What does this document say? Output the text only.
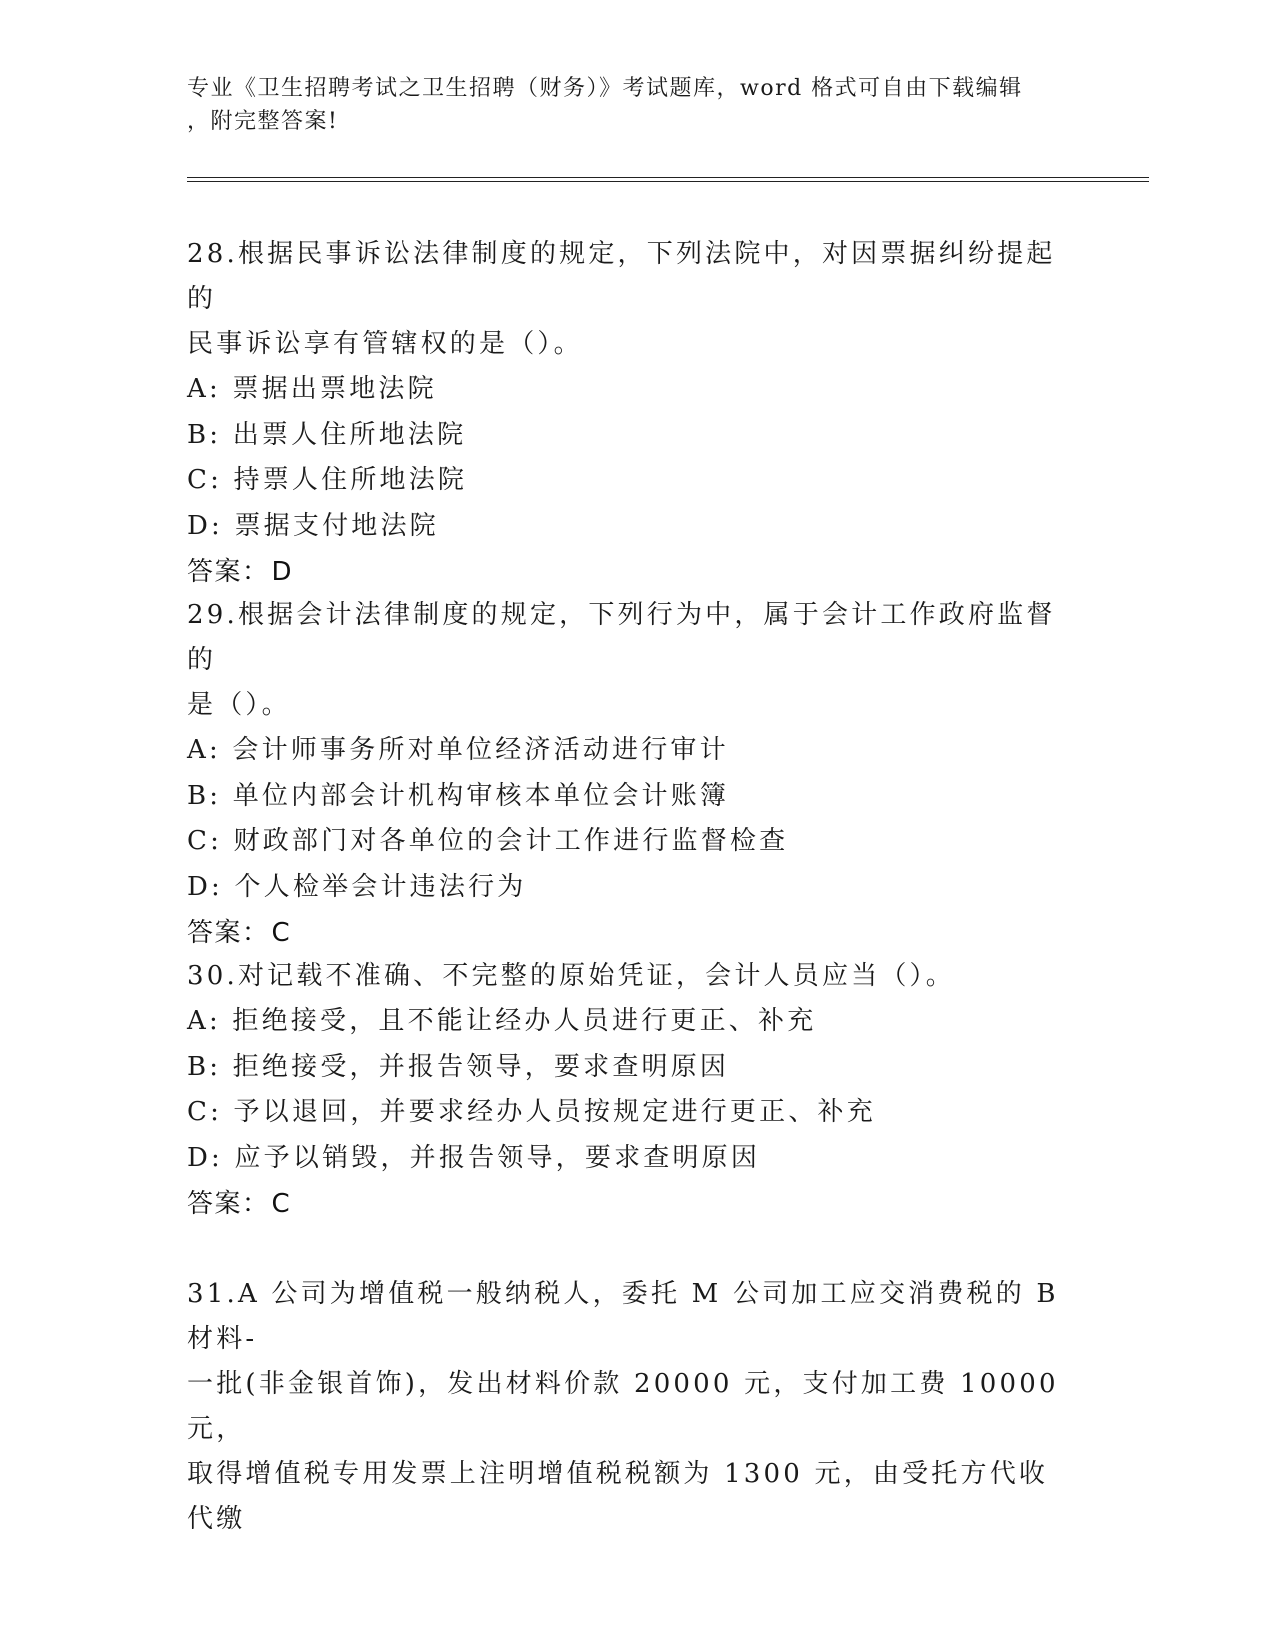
专业《卫生招聘考试之卫生招聘（财务）》考试题库，word 格式可自由下载编辑
，附完整答案!

28.根据民事诉讼法律制度的规定，下列法院中，对因票据纠纷提起的

民事诉讼享有管辖权的是（）。

A: 票据出票地法院

B: 出票人住所地法院

C: 持票人住所地法院

D: 票据支付地法院

答案：D

29.根据会计法律制度的规定，下列行为中，属于会计工作政府监督的

是（）。

A: 会计师事务所对单位经济活动进行审计

B: 单位内部会计机构审核本单位会计账簿

C: 财政部门对各单位的会计工作进行监督检查

D: 个人检举会计违法行为

答案：C

30.对记载不准确、不完整的原始凭证，会计人员应当（）。

A: 拒绝接受，且不能让经办人员进行更正、补充

B: 拒绝接受，并报告领导，要求查明原因

C: 予以退回，并要求经办人员按规定进行更正、补充

D: 应予以销毁，并报告领导，要求查明原因

答案：C

31.A 公司为增值税一般纳税人，委托 M 公司加工应交消费税的 B 材料-

一批(非金银首饰)，发出材料价款 20000 元，支付加工费 10000 元，

取得增值税专用发票上注明增值税税额为 1300 元，由受托方代收代缴
